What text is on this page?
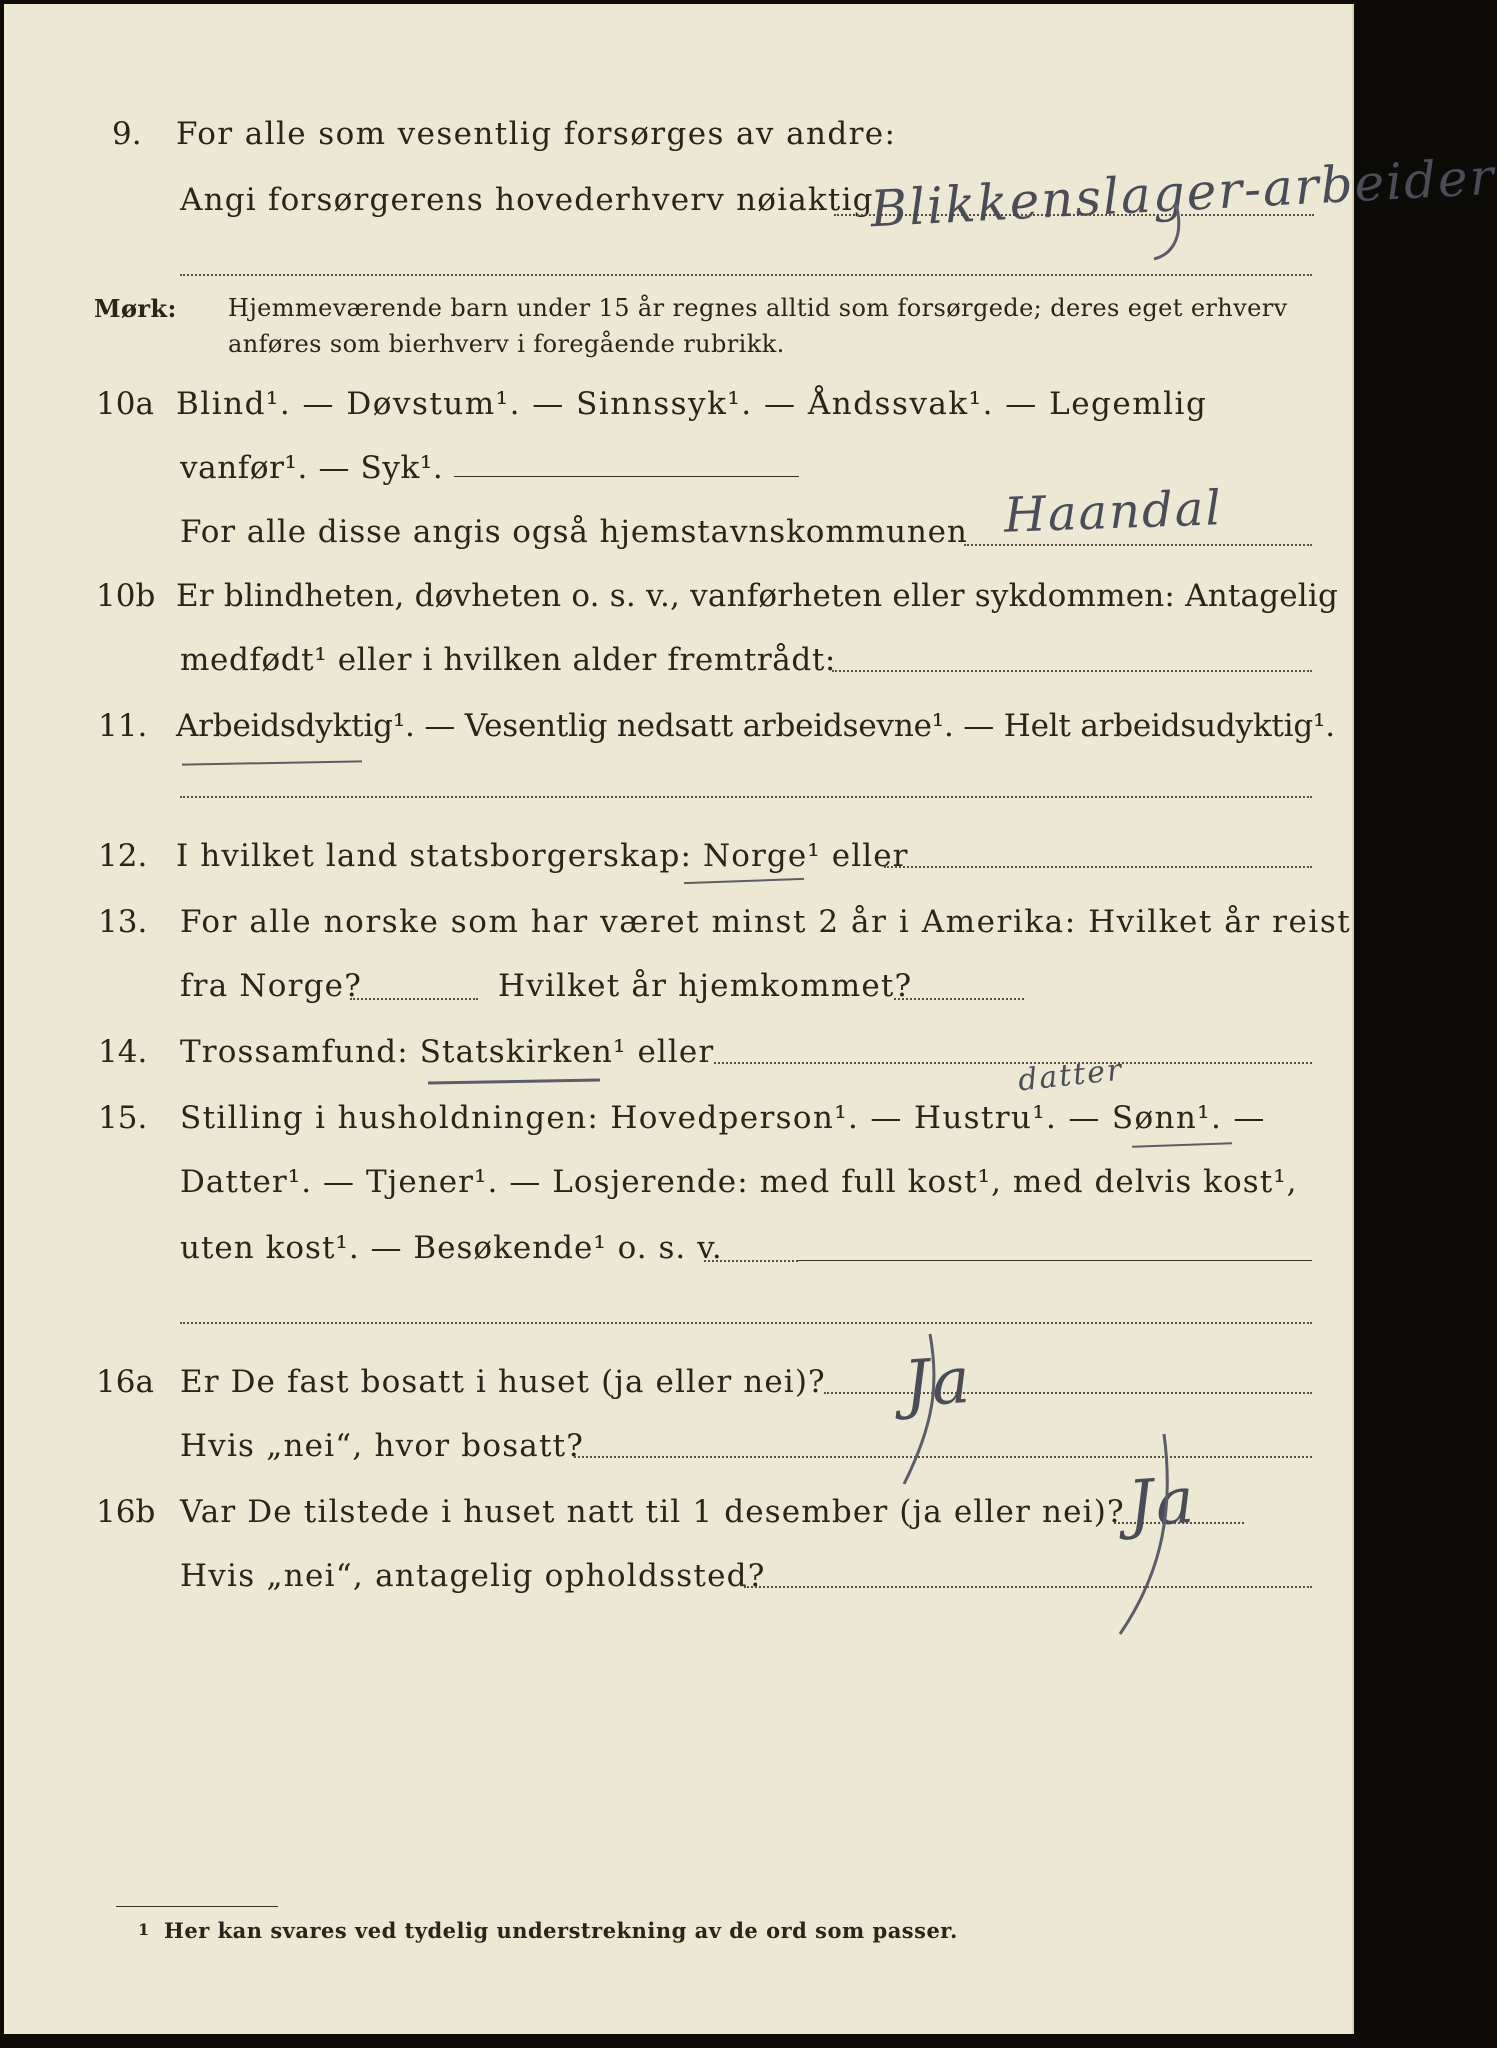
9. For alle som vesentlig forsørges av andre:
Angi forsørgerens hovederhverv nøiaktig
Blikkenslager-arbeider
Mørk: Hjemmeværende barn under 15 år regnes alltid som forsørgede; deres eget erhverv
anføres som bierhverv i foregående rubrikk.
10a Blind¹. — Døvstum¹. — Sinnssyk¹. — Åndssvak¹. — Legemlig
vanfør¹. — Syk¹.
For alle disse angis også hjemstavnskommunen Haandal
10b Er blindheten, døvheten o. s. v., vanførheten eller sykdommen: Antagelig
medfødt¹ eller i hvilken alder fremtrådt:
11. Arbeidsdyktig¹. — Vesentlig nedsatt arbeidsevne¹. — Helt arbeidsudyktig¹.
12. I hvilket land statsborgerskap: Norge¹ eller
13. For alle norske som har været minst 2 år i Amerika: Hvilket år reist
fra Norge?	Hvilket år hjemkommet?
14. Trossamfund: Statskirken¹ eller
datter
15. Stilling i husholdningen: Hovedperson¹. — Hustru¹. — Sønn¹. —
Datter¹. — Tjener¹. — Losjerende: med full kost¹, med delvis kost¹,
uten kost¹. — Besøkende¹ o. s. v.
16a Er De fast bosatt i huset (ja eller nei)? Ja
Hvis „nei“, hvor bosatt?
16b Var De tilstede i huset natt til 1 desember (ja eller nei)? Ja
Hvis „nei“, antagelig opholdssted?
1 Her kan svares ved tydelig understrekning av de ord som passer.
